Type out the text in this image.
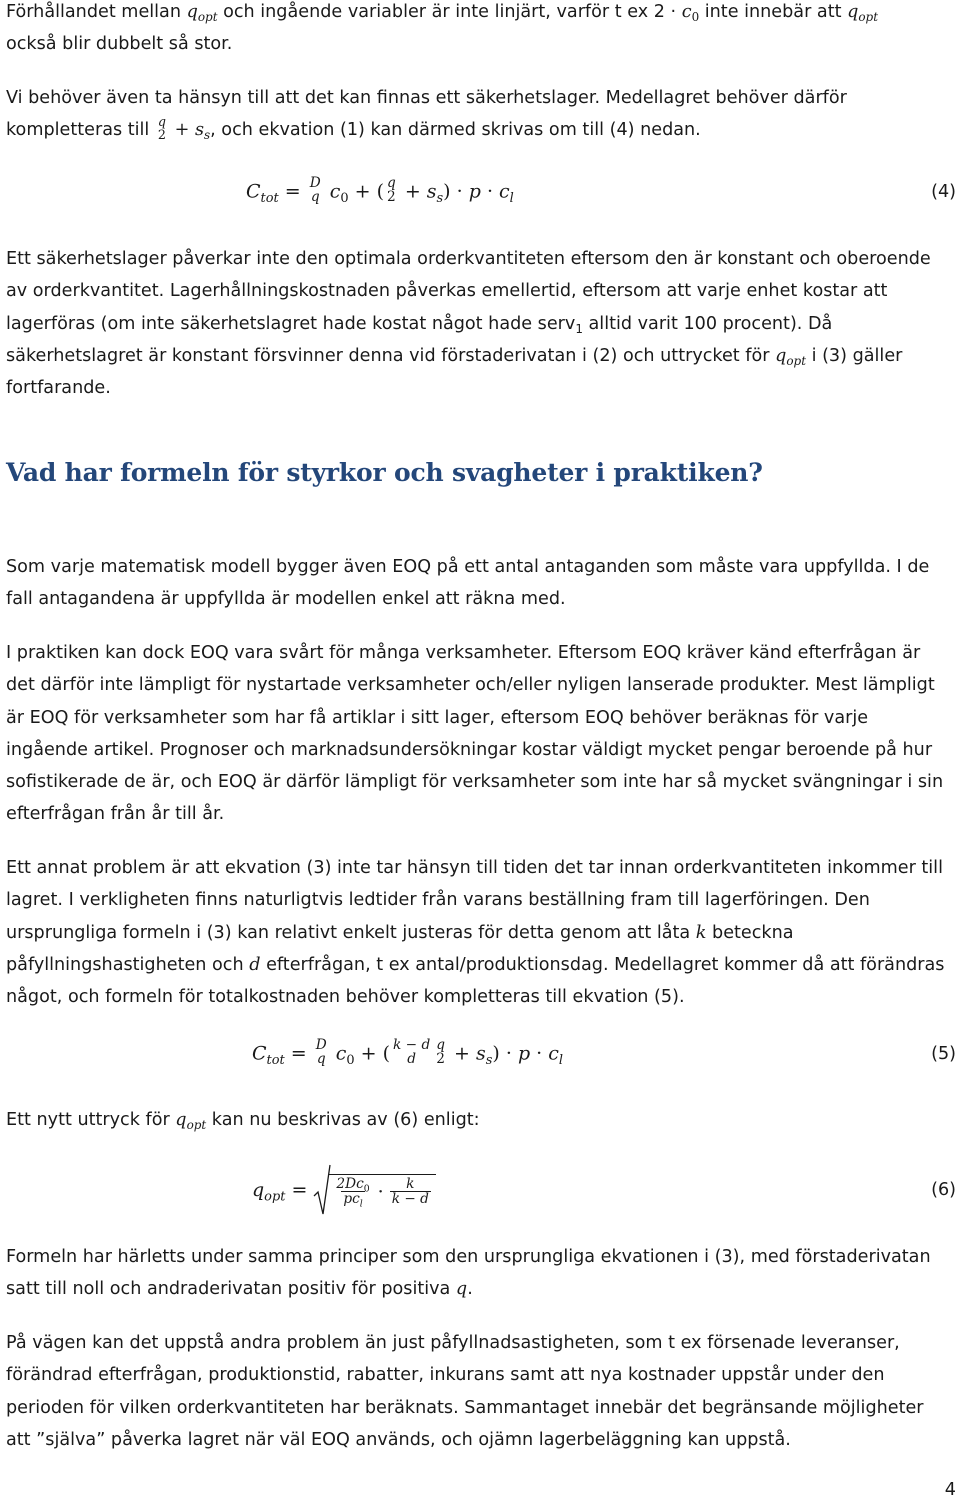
Förhållandet mellan $q_{opt}$ och ingående variabler är inte linjärt, varför t ex $2 \cdot c_0$ inte innebär att $q_{opt}$
också blir dubbelt så stor.
Vi behöver även ta hänsyn till att det kan finnas ett säkerhetslager. Medellagret behöver därför
kompletteras till q
$2 + s_s$, och ekvation (1) kan därmed skrivas om till (4) nedan.
$C_{tot} = D$
q $c_0$ + ( q
$2 + s_s) \cdot p \cdot c_l$	(4)
Ett säkerhetslager påverkar inte den optimala orderkvantiteten eftersom den är konstant och oberoende av orderkvantitet. Lagerhållningskostnaden påverkas emellertid, eftersom att varje enhet kostar att lagerföras (om inte säkerhetslagret hade kostat något hade serv$_1$ alltid varit 100 procent). Då säkerhetslagret är konstant försvinner denna vid förstaderivatan i (2) och uttrycket för $q_{opt}$ i (3) gäller fortfarande.
Vad har formeln för styrkor och svagheter i praktiken?
Som varje matematisk modell bygger även EOQ på ett antal antaganden som måste vara uppfyllda. I de fall antagandena är uppfyllda är modellen enkel att räkna med.
I praktiken kan dock EOQ vara svårt för många verksamheter. Eftersom EOQ kräver känd efterfrågan är det därför inte lämpligt för nystartade verksamheter och/eller nyligen lanserade produkter. Mest lämpligt är EOQ för verksamheter som har få artiklar i sitt lager, eftersom EOQ behöver beräknas för varje ingående artikel. Prognoser och marknadsundersökningar kostar väldigt mycket pengar beroende på hur sofistikerade de är, och EOQ är därför lämpligt för verksamheter som inte har så mycket svängningar i sin efterfrågan från år till år.
Ett annat problem är att ekvation (3) inte tar hänsyn till tiden det tar innan orderkvantiteten inkommer till lagret. I verkligheten finns naturligtvis ledtider från varans beställning fram till lagerföringen. Den ursprungliga formeln i (3) kan relativt enkelt justeras för detta genom att låta k beteckna påfyllningshastigheten och d efterfrågan, t ex antal/produktionsdag. Medellagret kommer då att förändras något, och formeln för totalkostnaden behöver kompletteras till ekvation (5).
$C_{tot} = D$
q $c_0$ + ( k − d
d
q
$2 + s_s) \cdot p \cdot c_l$	(5)
Ett nytt uttryck för $q_{opt}$ kan nu beskrivas av (6) enligt:
$q_{opt} = \frac{2Dc_0}{pc_l} \cdot \frac{k}{k - d}$	(6)
Formeln har härletts under samma principer som den ursprungliga ekvationen i (3), med förstaderivatan satt till noll och andraderivatan positiv för positiva q.
På vägen kan det uppstå andra problem än just påfyllnadsastigheten, som t ex försenade leveranser, förändrad efterfrågan, produktionstid, rabatter, inkurans samt att nya kostnader uppstår under den perioden för vilken orderkvantiteten har beräknats. Sammantaget innebär det begränsande möjligheter att ”själva” påverka lagret när väl EOQ används, och ojämn lagerbeläggning kan uppstå.
4
